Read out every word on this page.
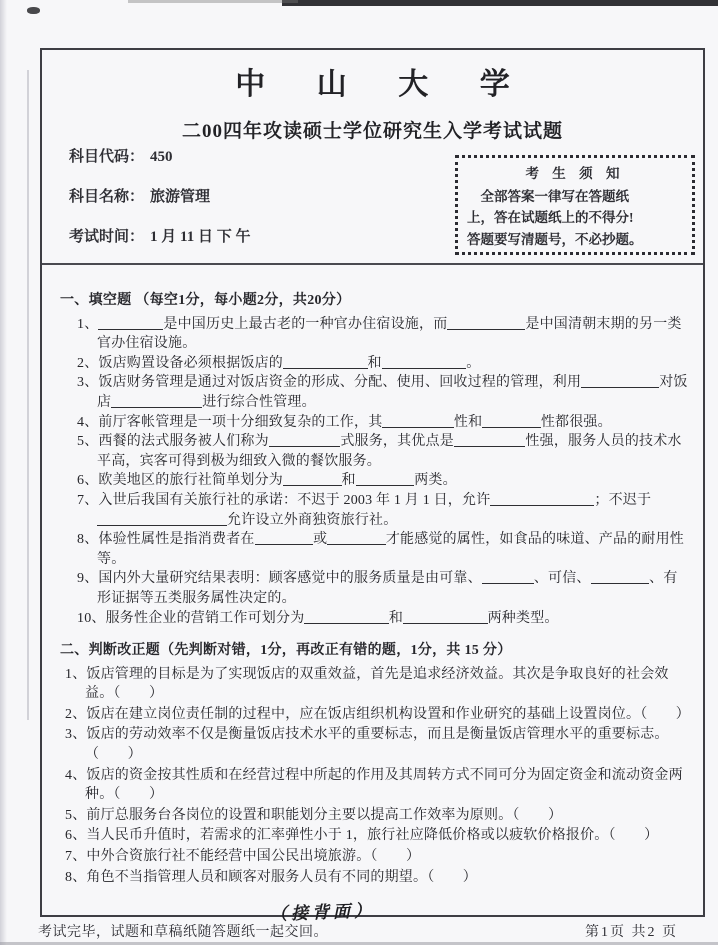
中 山 大 学
二00四年攻读硕士学位研究生入学考试试题
科目代码： 450
科目名称： 旅游管理
考试时间： 1 月 11 日 下 午
考 生 须 知
全部答案一律写在答题纸
上，答在试题纸上的不得分!
答题要写清题号，不必抄题。
一、填空题 （每空1分，每小题2分，共20分）
1、	是中国历史上最古老的一种官办住宿设施，而	是中国清朝末期的另一类官办住宿设施。
2、饭店购置设备必须根据饭店的	和	。
3、饭店财务管理是通过对饭店资金的形成、分配、使用、回收过程的管理，利用	对饭店	进行综合性管理。
4、前厅客帐管理是一项十分细致复杂的工作，其	性和	性都很强。
5、西餐的法式服务被人们称为	式服务，其优点是	性强，服务人员的技术水平高，宾客可得到极为细致入微的餐饮服务。
6、欧美地区的旅行社简单划分为	和	两类。
7、入世后我国有关旅行社的承诺：不迟于 2003 年 1 月 1 日，允许	；不迟于允许设立外商独资旅行社。
8、体验性属性是指消费者在	或	才能感觉的属性，如食品的味道、产品的耐用性等。
9、国内外大量研究结果表明：顾客感觉中的服务质量是由可靠、	、可信、	、有形证据等五类服务属性决定的。
10、服务性企业的营销工作可划分为	和	两种类型。
二、判断改正题（先判断对错，1分，再改正有错的题，1分，共 15 分）
1、饭店管理的目标是为了实现饭店的双重效益，首先是追求经济效益。其次是争取良好的社会效益。（　　）
2、饭店在建立岗位责任制的过程中，应在饭店组织机构设置和作业研究的基础上设置岗位。（　　）
3、饭店的劳动效率不仅是衡量饭店技术水平的重要标志，而且是衡量饭店管理水平的重要标志。（　　）
4、饭店的资金按其性质和在经营过程中所起的作用及其周转方式不同可分为固定资金和流动资金两种。（　　）
5、前厅总服务台各岗位的设置和职能划分主要以提高工作效率为原则。（　　）
6、当人民币升值时，若需求的汇率弹性小于 1，旅行社应降低价格或以疲软价格报价。（　　）
7、中外合资旅行社不能经营中国公民出境旅游。（　　）
8、角色不当指管理人员和顾客对服务人员有不同的期望。（　　）
（接背面）
考试完毕，试题和草稿纸随答题纸一起交回。	第1页 共2 页
